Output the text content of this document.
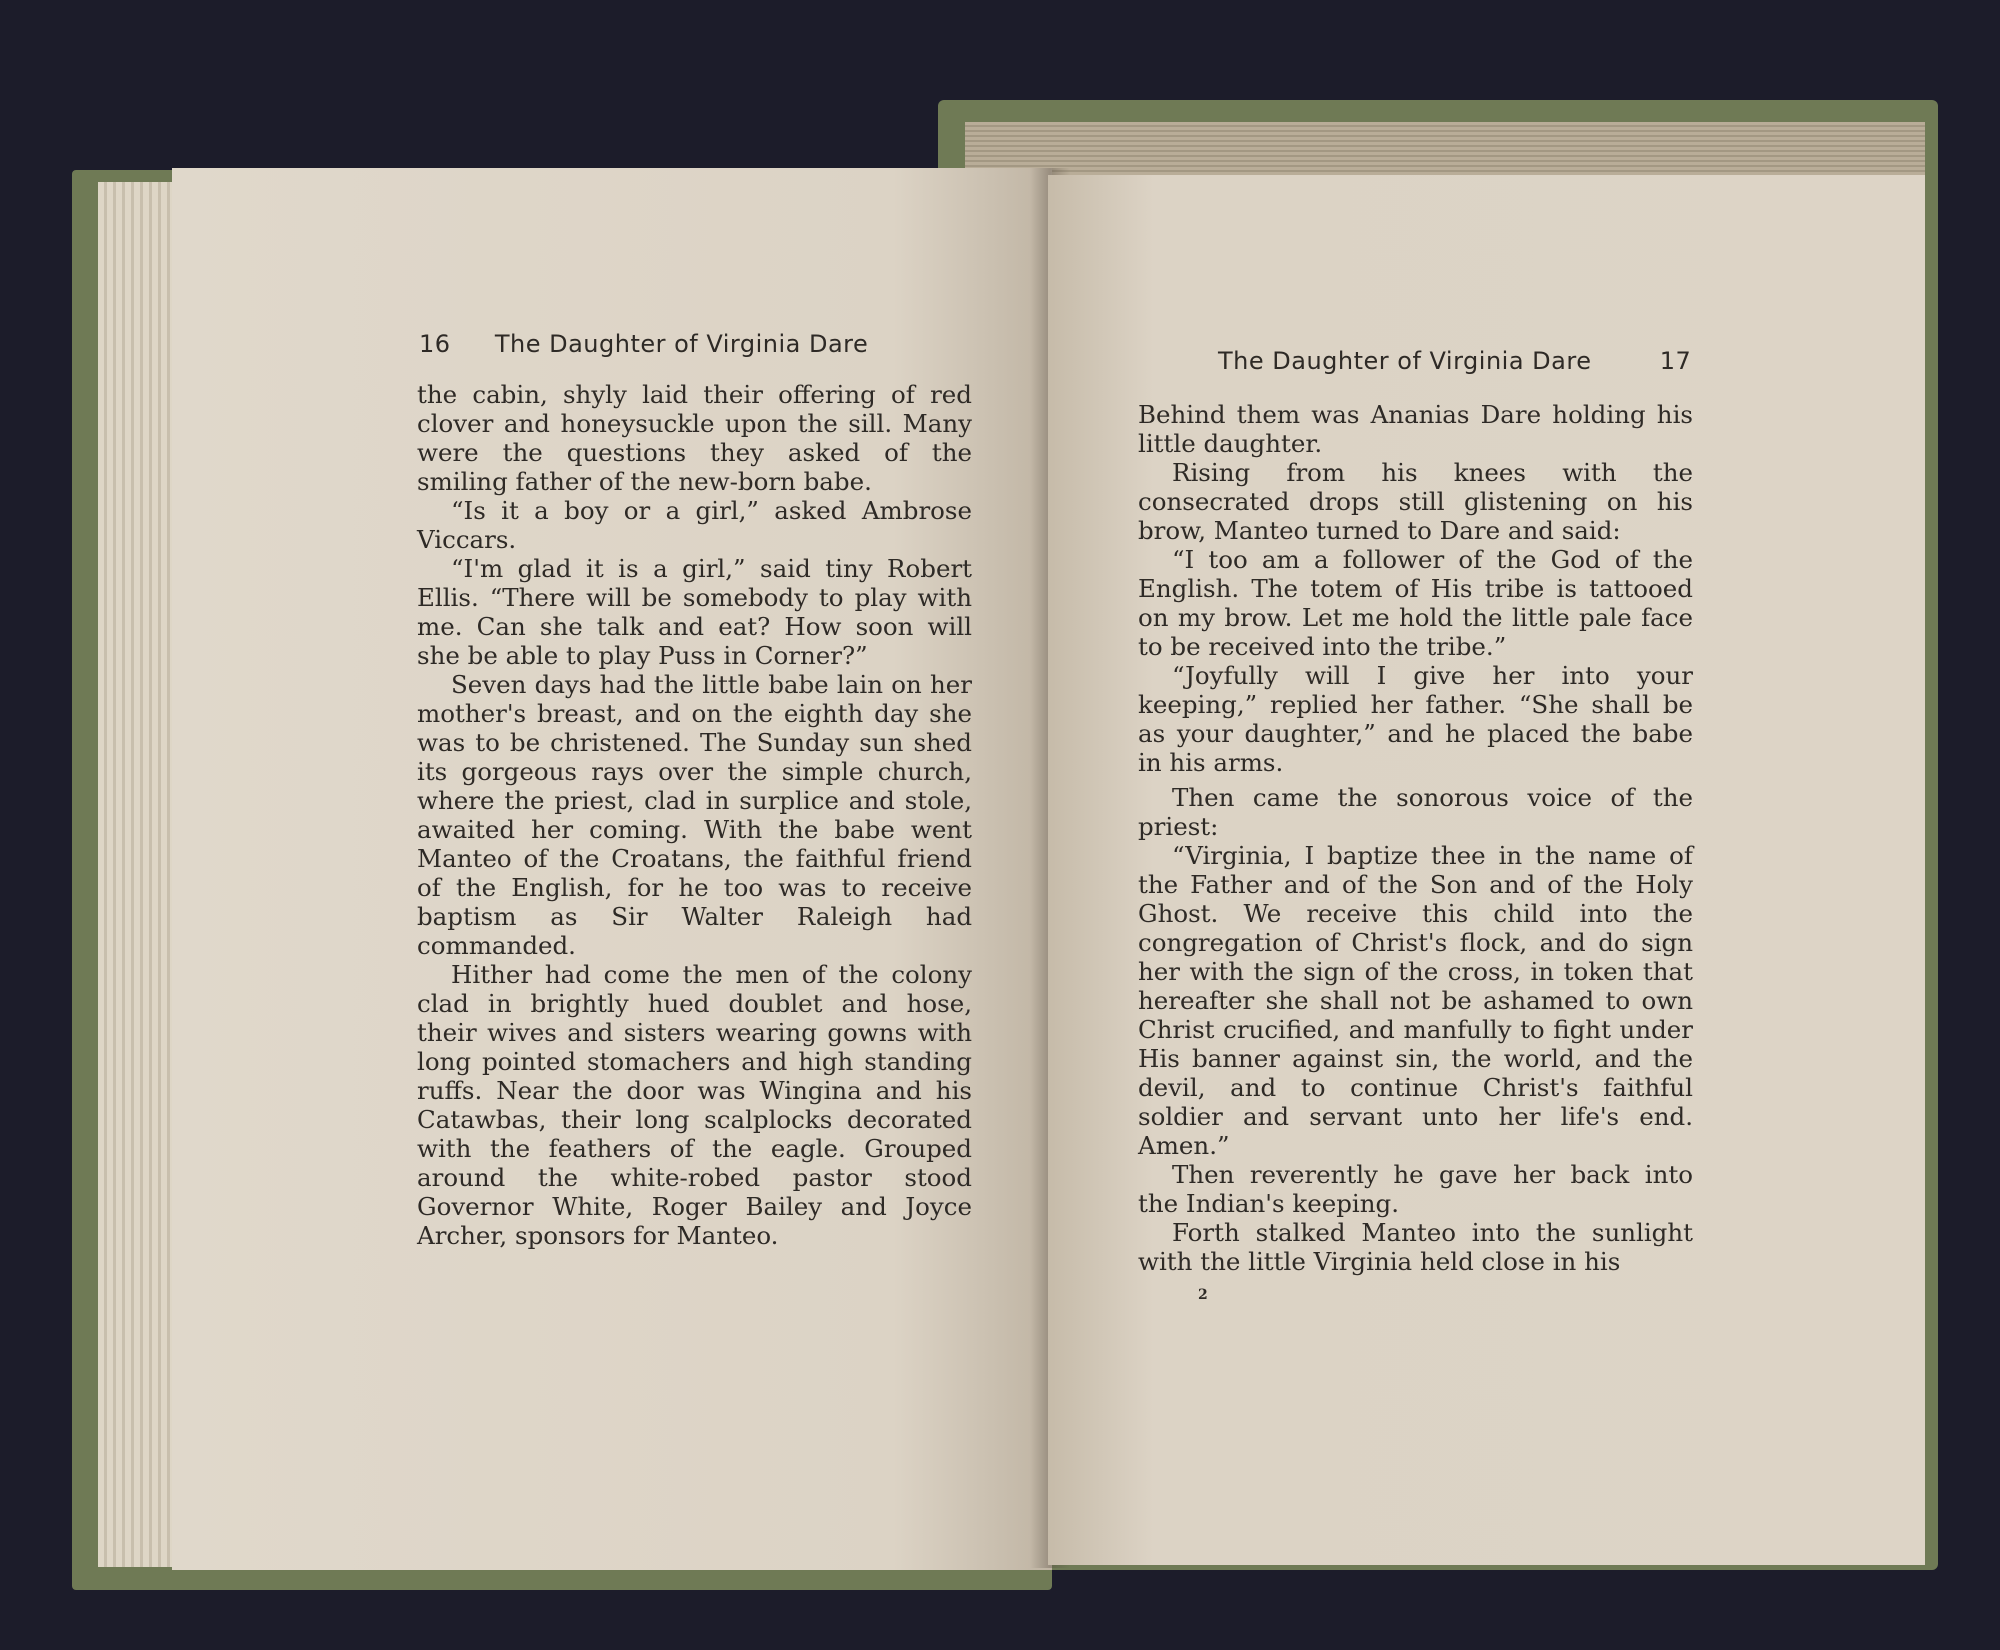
16 The Daughter of Virginia Dare

the cabin, shyly laid their offering of red clover and honeysuckle upon the sill. Many were the questions they asked of the smiling father of the new-born babe.

“Is it a boy or a girl,” asked Ambrose Viccars.

“I'm glad it is a girl,” said tiny Robert Ellis. “There will be somebody to play with me. Can she talk and eat? How soon will she be able to play Puss in Corner?”

Seven days had the little babe lain on her mother's breast, and on the eighth day she was to be christened. The Sunday sun shed its gorgeous rays over the simple church, where the priest, clad in surplice and stole, awaited her coming. With the babe went Manteo of the Croatans, the faithful friend of the English, for he too was to receive baptism as Sir Walter Raleigh had commanded.

Hither had come the men of the colony clad in brightly hued doublet and hose, their wives and sisters wearing gowns with long pointed stomachers and high standing ruffs. Near the door was Wingina and his Catawbas, their long scalplocks decorated with the feathers of the eagle. Grouped around the white-robed pastor stood Governor White, Roger Bailey and Joyce Archer, sponsors for Manteo.

The Daughter of Virginia Dare	17

Behind them was Ananias Dare holding his little daughter.

Rising from his knees with the consecrated drops still glistening on his brow, Manteo turned to Dare and said:

“I too am a follower of the God of the English. The totem of His tribe is tattooed on my brow. Let me hold the little pale face to be received into the tribe.”

“Joyfully will I give her into your keeping,” replied her father. “She shall be as your daughter,” and he placed the babe in his arms.

Then came the sonorous voice of the priest:

“Virginia, I baptize thee in the name of the Father and of the Son and of the Holy Ghost. We receive this child into the congregation of Christ's flock, and do sign her with the sign of the cross, in token that hereafter she shall not be ashamed to own Christ crucified, and manfully to fight under His banner against sin, the world, and the devil, and to continue Christ's faithful soldier and servant unto her life's end. Amen.”

Then reverently he gave her back into the Indian's keeping.

Forth stalked Manteo into the sunlight with the little Virginia held close in his

2
